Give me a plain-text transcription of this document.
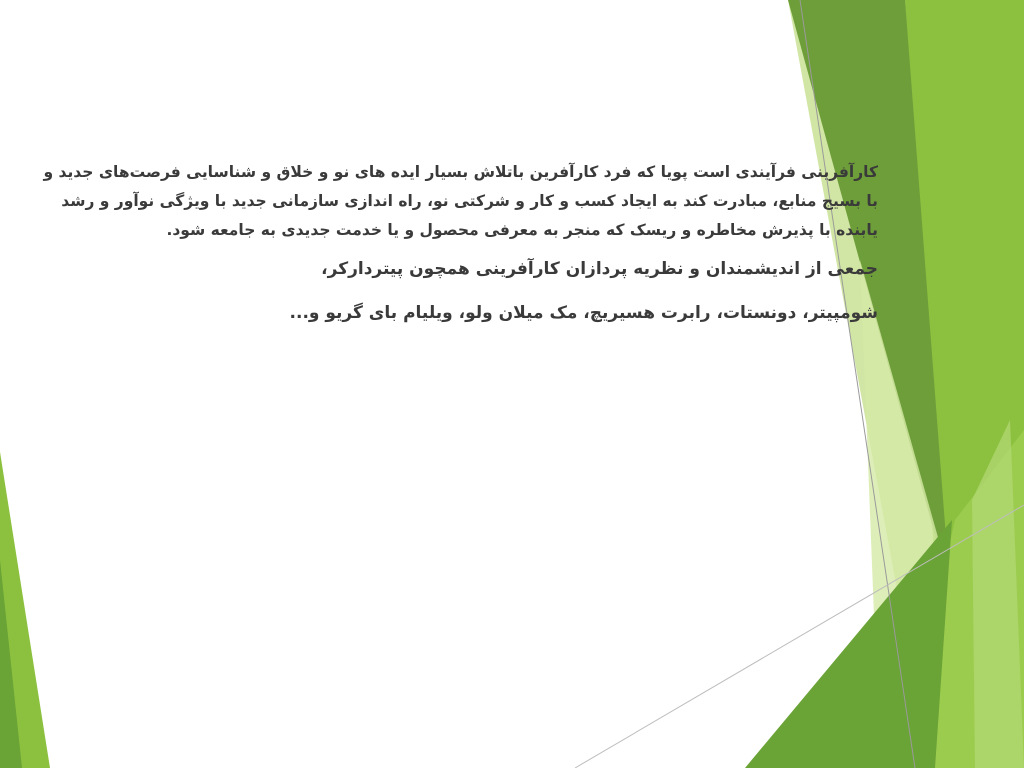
کارآفرینی فرآیندی است پویا که فرد کارآفرین باتلاش بسیار ایده های نو و خلاق و شناسایی فرصت‌های جدید و با بسیج منابع، مبادرت کند به ایجاد کسب و کار و شرکتی نو، راه اندازی سازمانی جدید با ویژگی نوآور و رشد یابنده با پذیرش مخاطره و ریسک که منجر به معرفی محصول و یا خدمت جدیدی به جامعه شود.

جمعی از اندیشمندان و نظریه پردازان کارآفرینی همچون پیتردارکر،

شومپیتر، دونستات، رابرت هسیریچ، مک میلان ولو، ویلیام بای گریو و...
